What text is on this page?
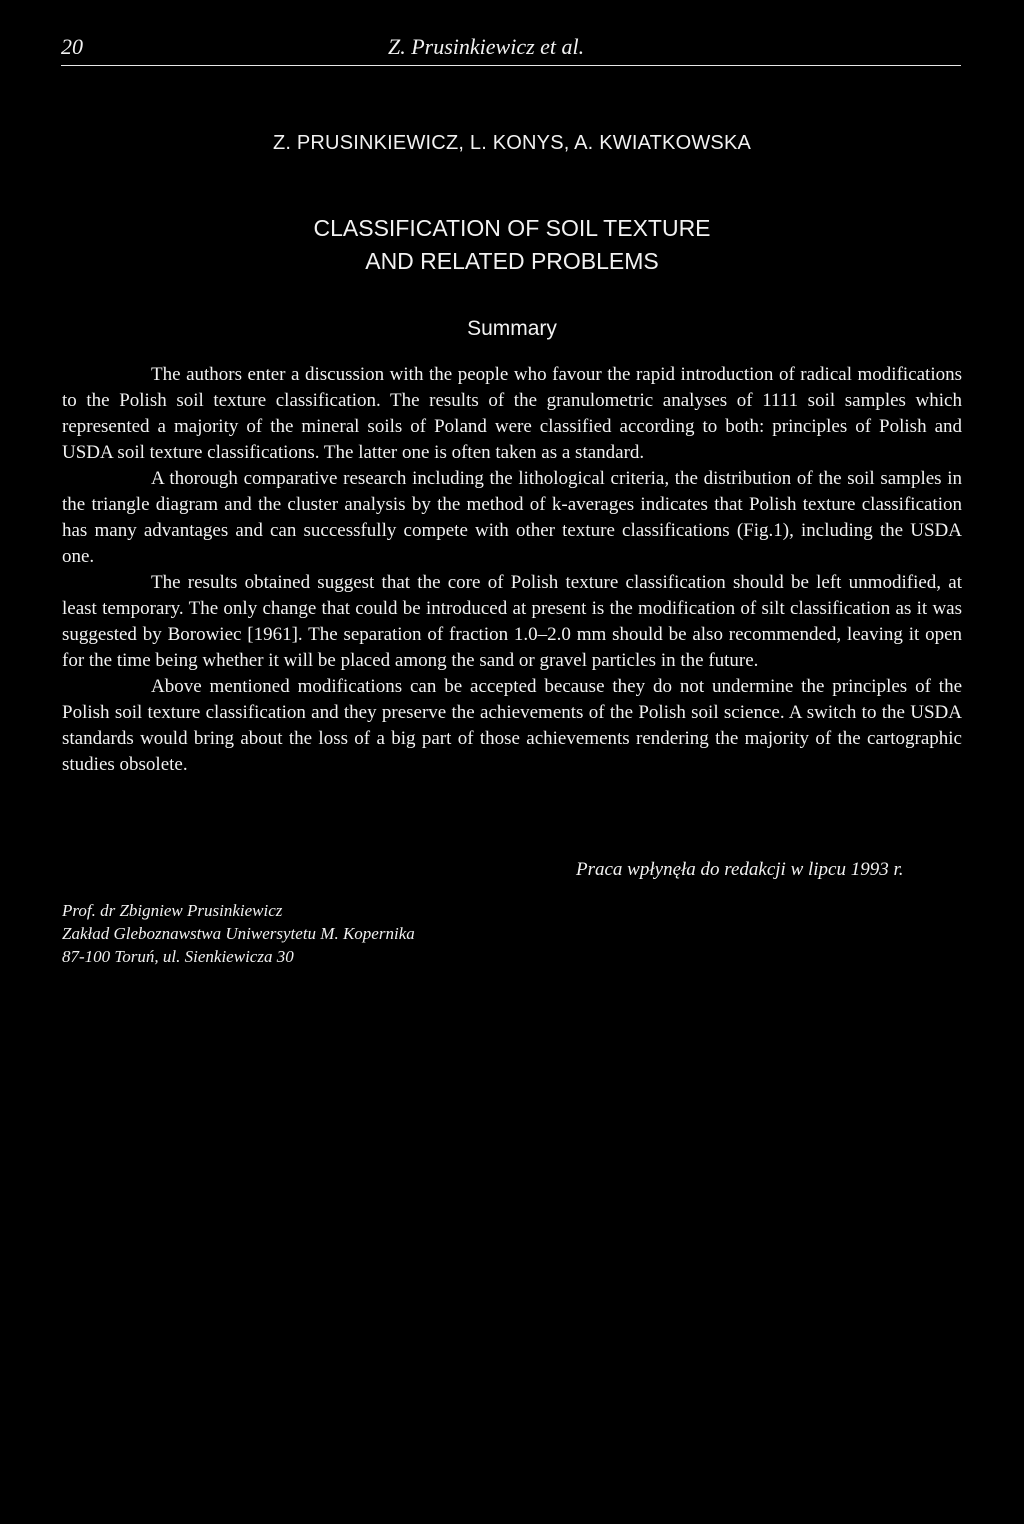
20	Z. Prusinkiewicz et al.
Z. PRUSINKIEWICZ, L. KONYS, A. KWIATKOWSKA
CLASSIFICATION OF SOIL TEXTURE
AND RELATED PROBLEMS
Summary

The authors enter a discussion with the people who favour the rapid introduction of radical modifications to the Polish soil texture classification. The results of the granulometric analyses of 1111 soil samples which represented a majority of the mineral soils of Poland were classified according to both: principles of Polish and USDA soil texture classifications. The latter one is often taken as a standard.

A thorough comparative research including the lithological criteria, the distribution of the soil samples in the triangle diagram and the cluster analysis by the method of k-averages indicates that Polish texture classification has many advantages and can successfully compete with other texture classifications (Fig.1), including the USDA one.

The results obtained suggest that the core of Polish texture classification should be left unmodified, at least temporary. The only change that could be introduced at present is the modification of silt classification as it was suggested by Borowiec [1961]. The separation of fraction 1.0–2.0 mm should be also recommended, leaving it open for the time being whether it will be placed among the sand or gravel particles in the future.

Above mentioned modifications can be accepted because they do not undermine the principles of the Polish soil texture classification and they preserve the achievements of the Polish soil science. A switch to the USDA standards would bring about the loss of a big part of those achievements rendering the majority of the cartographic studies obsolete.

Praca wpłynęła do redakcji w lipcu 1993 r.
Prof. dr Zbigniew Prusinkiewicz
Zakład Gleboznawstwa Uniwersytetu M. Kopernika
87-100 Toruń, ul. Sienkiewicza 30
